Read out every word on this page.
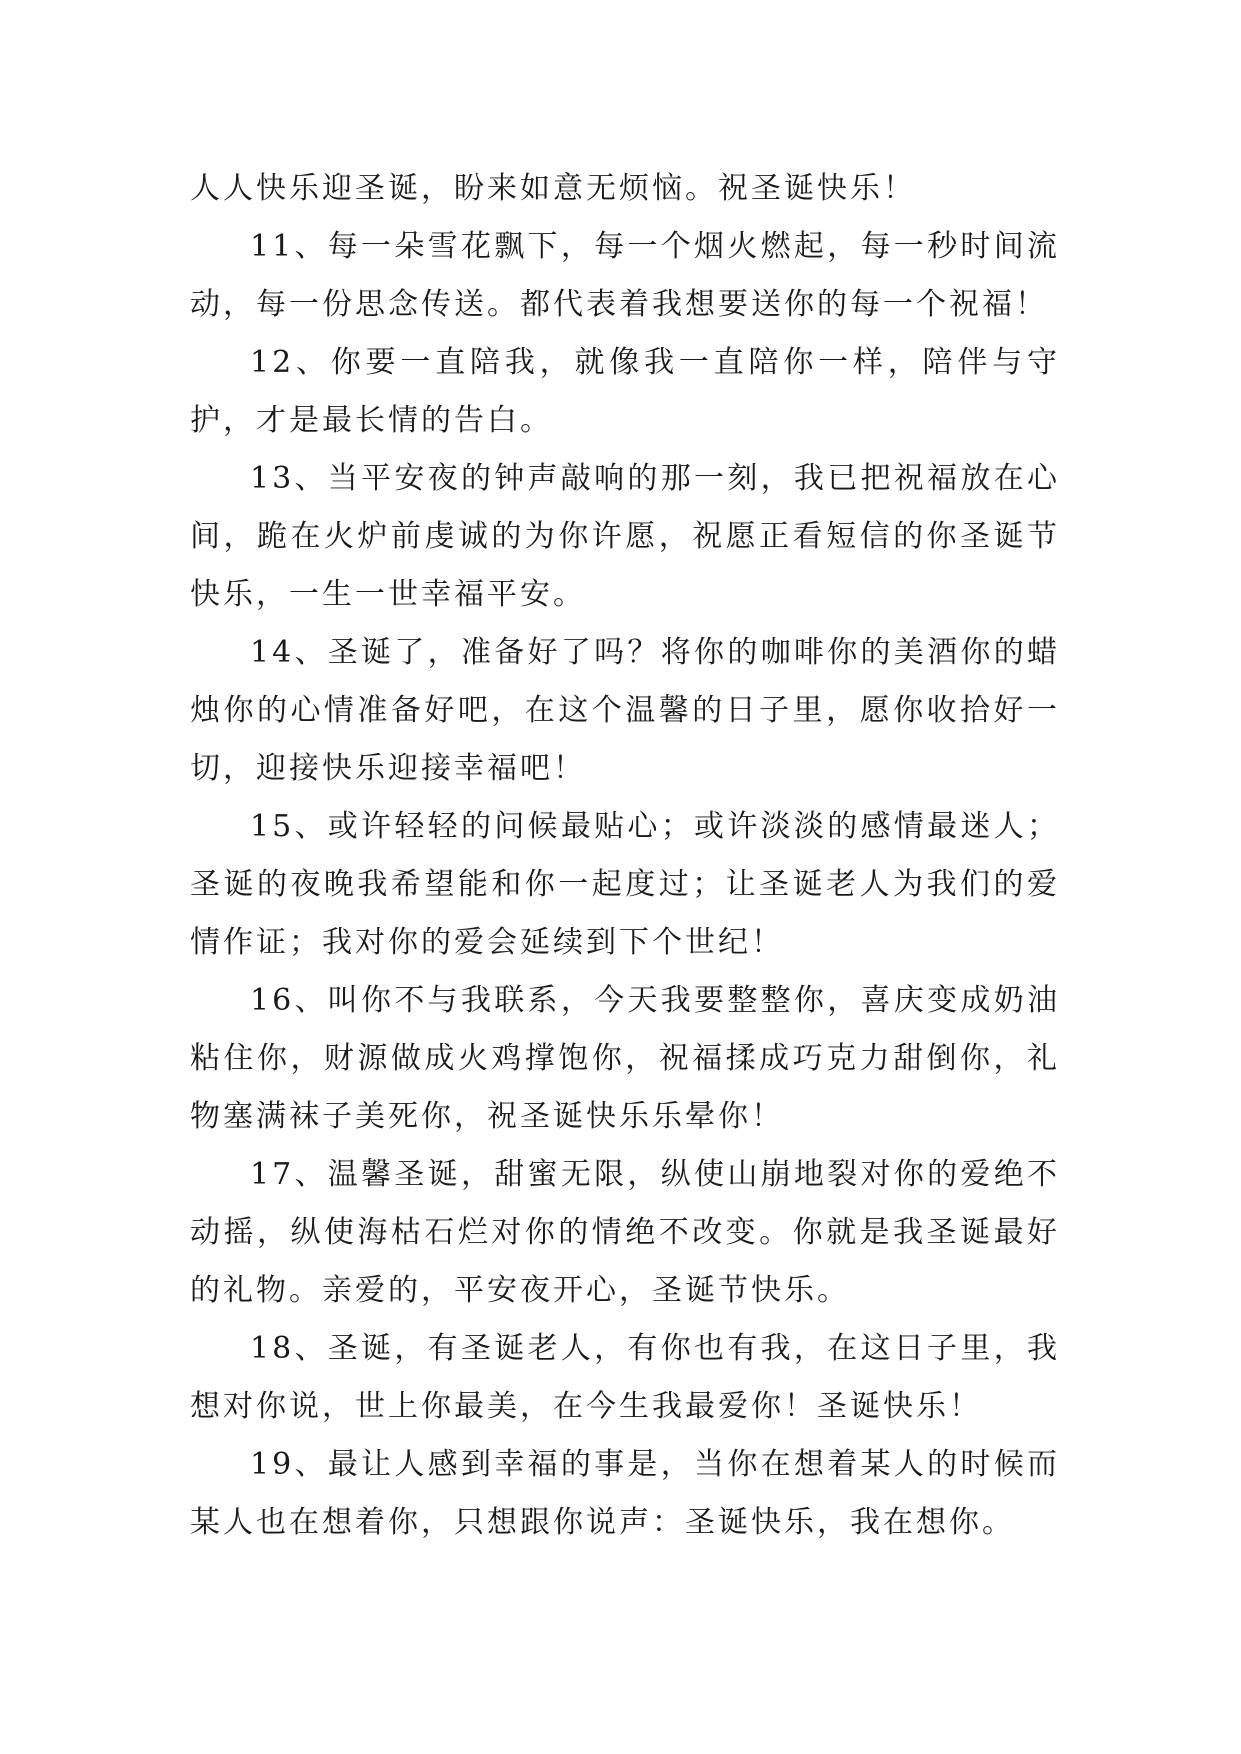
人人快乐迎圣诞，盼来如意无烦恼。祝圣诞快乐！

11、每一朵雪花飘下，每一个烟火燃起，每一秒时间流动，每一份思念传送。都代表着我想要送你的每一个祝福！

12、你要一直陪我，就像我一直陪你一样，陪伴与守护，才是最长情的告白。

13、当平安夜的钟声敲响的那一刻，我已把祝福放在心间，跪在火炉前虔诚的为你许愿，祝愿正看短信的你圣诞节快乐，一生一世幸福平安。

14、圣诞了，准备好了吗？将你的咖啡你的美酒你的蜡烛你的心情准备好吧，在这个温馨的日子里，愿你收拾好一切，迎接快乐迎接幸福吧！

15、或许轻轻的问候最贴心；或许淡淡的感情最迷人；圣诞的夜晚我希望能和你一起度过；让圣诞老人为我们的爱情作证；我对你的爱会延续到下个世纪！

16、叫你不与我联系，今天我要整整你，喜庆变成奶油粘住你，财源做成火鸡撑饱你，祝福揉成巧克力甜倒你，礼物塞满袜子美死你，祝圣诞快乐乐晕你！

17、温馨圣诞，甜蜜无限，纵使山崩地裂对你的爱绝不动摇，纵使海枯石烂对你的情绝不改变。你就是我圣诞最好的礼物。亲爱的，平安夜开心，圣诞节快乐。

18、圣诞，有圣诞老人，有你也有我，在这日子里，我想对你说，世上你最美，在今生我最爱你！圣诞快乐！

19、最让人感到幸福的事是，当你在想着某人的时候而某人也在想着你，只想跟你说声：圣诞快乐，我在想你。
